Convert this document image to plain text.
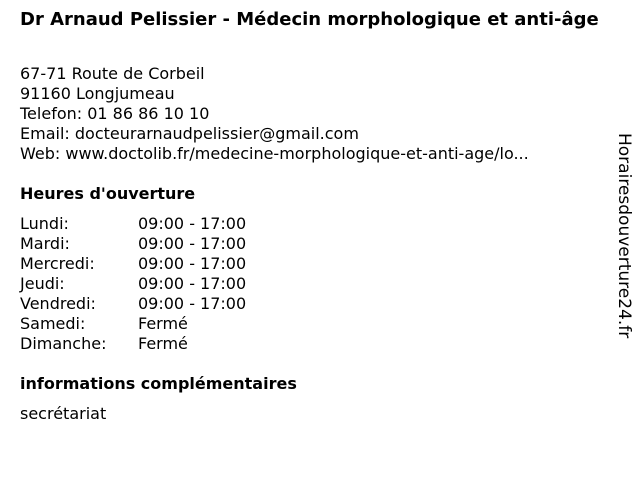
Dr Arnaud Pelissier - Médecin morphologique et anti-âge
67-71 Route de Corbeil
91160 Longjumeau
Telefon: 01 86 86 10 10
Email: docteurarnaudpelissier@gmail.com
Web: www.doctolib.fr/medecine-morphologique-et-anti-age/lo...
Heures d'ouverture
Lundi:	09:00 - 17:00
Mardi:	09:00 - 17:00
Mercredi:	09:00 - 17:00
Jeudi:	09:00 - 17:00
Vendredi:	09:00 - 17:00
Samedi:	Fermé
Dimanche:	Fermé
informations complémentaires
secrétariat
Horairesdouverture24.fr
